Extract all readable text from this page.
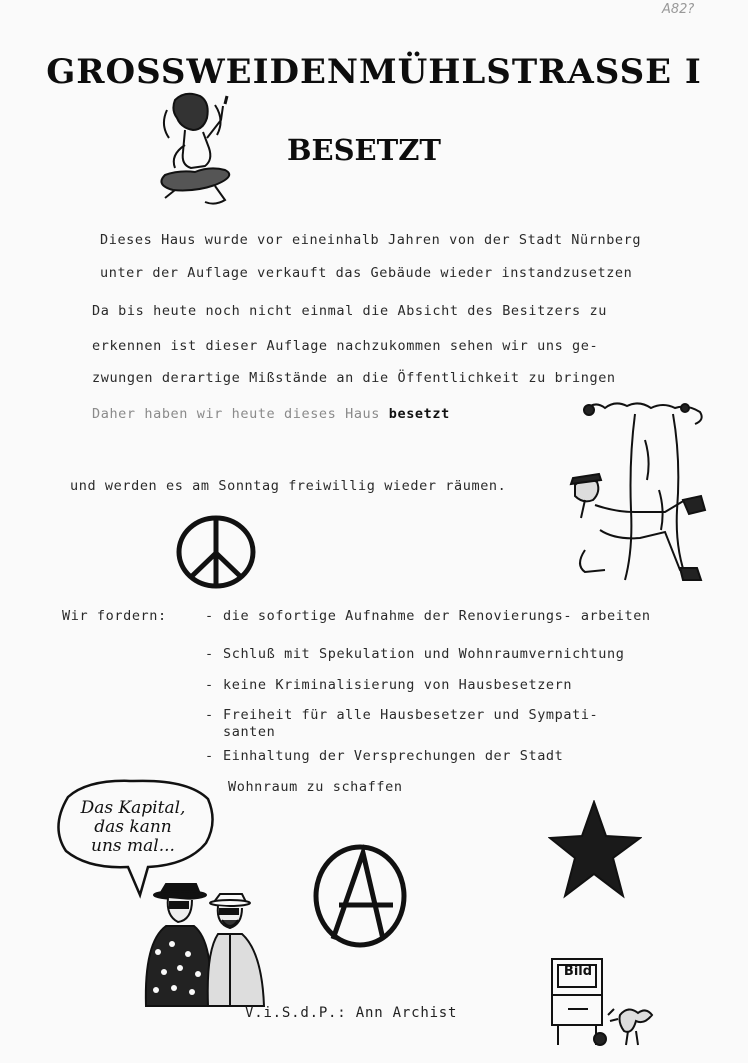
A82?
GROSSWEIDENMÜHLSTRASSE I
BESETZT
Dieses Haus wurde vor eineinhalb Jahren von der Stadt Nürnberg
unter der Auflage verkauft das Gebäude wieder instandzusetzen
Da bis heute noch nicht einmal die Absicht des Besitzers zu
erkennen ist dieser Auflage nachzukommen sehen wir uns ge-
zwungen derartige Mißstände an die Öffentlichkeit zu bringen
Daher haben wir heute dieses Haus besetzt
und werden es am Sonntag freiwillig wieder räumen.
Wir fordern:	- die sofortige Aufnahme der Renovierungs- arbeiten
- Schluß mit Spekulation und Wohnraumvernichtung
- keine Kriminalisierung von Hausbesetzern
- Freiheit für alle Hausbesetzer und Sympati- santen
- Einhaltung der Versprechungen der Stadt
Wohnraum zu schaffen
Das Kapital,
das kann
uns mal...
Bild
V.i.S.d.P.: Ann Archist
